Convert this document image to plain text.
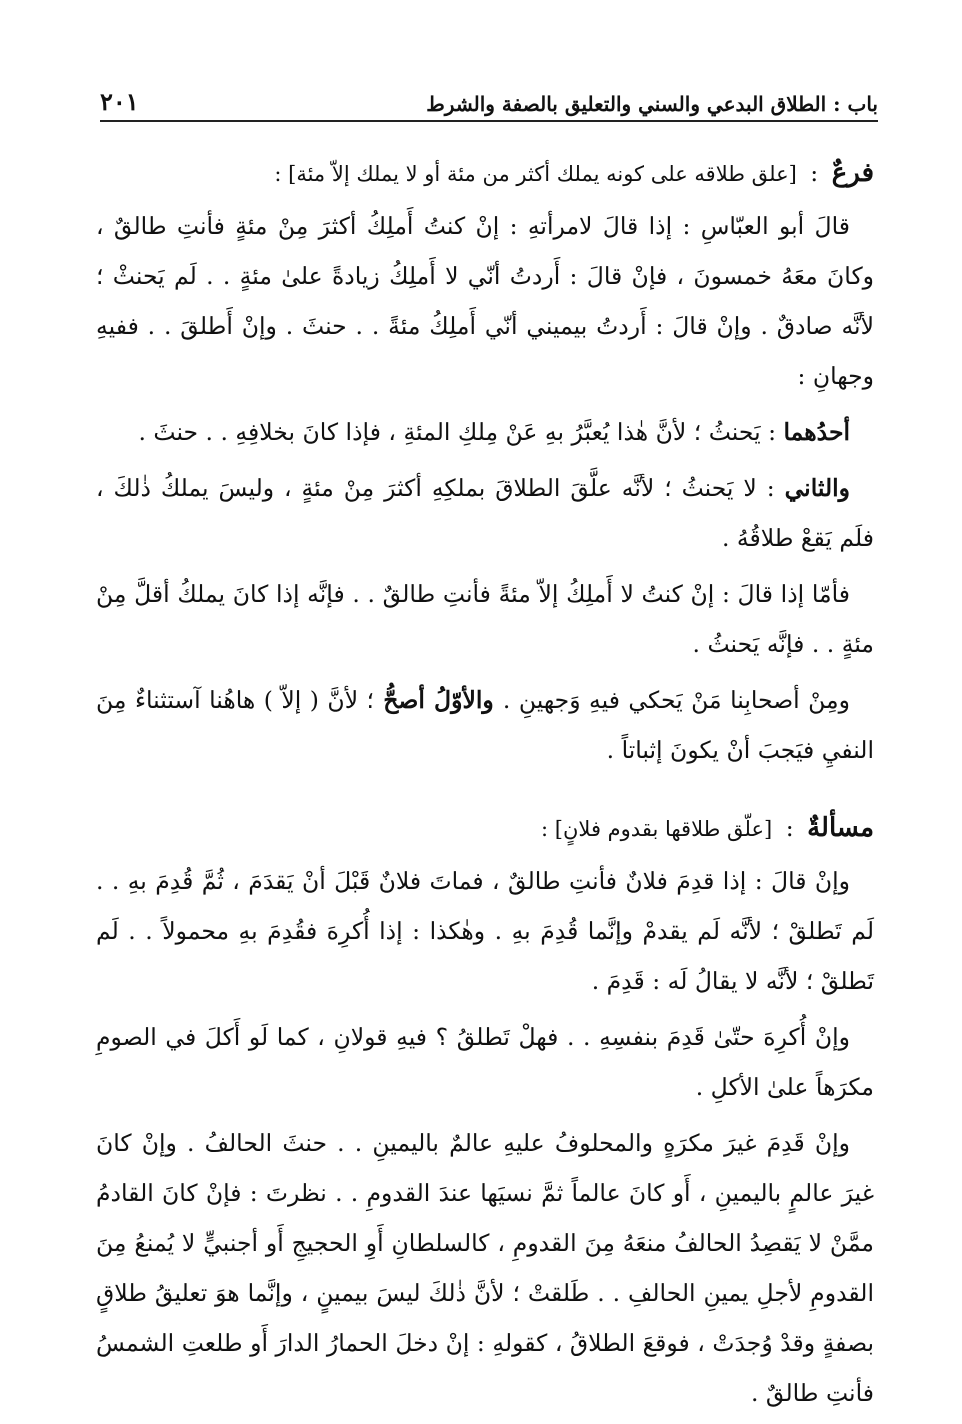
باب : الطلاق البدعي والسني والتعليق بالصفة والشرط
٢٠١
فرعٌ : [علق طلاقه على كونه يملك أكثر من مئة أو لا يملك إلاّ مئة] :

قالَ أبو العبّاسِ : إذا قالَ لامرأتهِ : إنْ كنتُ أَملِكُ أكثرَ مِنْ مئةٍ فأنتِ طالقٌ ، وكانَ معَهُ خمسونَ ، فإنْ قالَ : أَردتُ أنّي لا أَملِكُ زيادةً علىٰ مئةٍ . . لَم يَحنثْ ؛ لأنَّه صادقٌ . وإنْ قالَ : أَردتُ بيميني أنّي أَملِكُ مئةً . . حنثَ . وإنْ أَطلقَ . . ففيهِ وجهانِ :

أحدُهما : يَحنثُ ؛ لأنَّ هٰذا يُعبَّرُ بهِ عَنْ مِلكِ المئةِ ، فإذا كانَ بخلافِهِ . . حنثَ .

والثاني : لا يَحنثُ ؛ لأنَّه علَّقَ الطلاقَ بملكِهِ أكثرَ مِنْ مئةٍ ، وليسَ يملكُ ذٰلكَ ، فلَم يَقعْ طلاقُهُ .

فأمّا إذا قالَ : إنْ كنتُ لا أَملِكُ إلاّ مئةً فأنتِ طالقٌ . . فإنَّه إذا كانَ يملكُ أقلَّ مِنْ مئةٍ . . فإنَّه يَحنثُ .

ومِنْ أصحابِنا مَنْ يَحكي فيهِ وَجهينِ . والأوّلُ أصحُّ ؛ لأنَّ ( إلاّ ) هاهُنا آستثناءٌ مِنَ النفيِ فيَجبَ أنْ يكونَ إثباتاً .

مسألةٌ : [علّق طلاقها بقدوم فلانٍ] :

وإنْ قالَ : إذا قدِمَ فلانٌ فأنتِ طالقٌ ، فماتَ فلانٌ قَبْلَ أنْ يَقدَمَ ، ثُمَّ قُدِمَ بهِ . . لَم تَطلقْ ؛ لأنَّه لَم يقدمْ وإنَّما قُدِمَ بهِ . وهٰكذا : إذا أُكرِهَ فقُدِمَ بهِ محمولاً . . لَم تَطلقْ ؛ لأنَّه لا يقالُ لَه : قَدِمَ .

وإنْ أُكرِهَ حتّىٰ قَدِمَ بنفسِهِ . . فهلْ تَطلقُ ؟ فيهِ قولانِ ، كما لَو أَكلَ في الصومِ مكرَهاً علىٰ الأكلِ .

وإنْ قَدِمَ غيرَ مكرَهٍ والمحلوفُ عليهِ عالمٌ باليمينِ . . حنثَ الحالفُ . وإنْ كانَ غيرَ عالمٍ باليمينِ ، أَو كانَ عالماً ثمَّ نسيَها عندَ القدومِ . . نظرتَ : فإنْ كانَ القادمُ ممَّنْ لا يَقصِدُ الحالفُ منعَهُ مِنَ القدومِ ، كالسلطانِ أَوِ الحجيجِ أَو أجنبيٍّ لا يُمنعُ مِنَ القدومِ لأجلِ يمينِ الحالفِ . . طَلقتْ ؛ لأنَّ ذٰلكَ ليسَ بيمينٍ ، وإنَّما هوَ تعليقُ طلاقٍ بصفةٍ وقدْ وُجدَتْ ، فوقعَ الطلاقُ ، كقولهِ : إنْ دخلَ الحمارُ الدارَ أَو طلعتِ الشمسُ فأنتِ طالقٌ .
